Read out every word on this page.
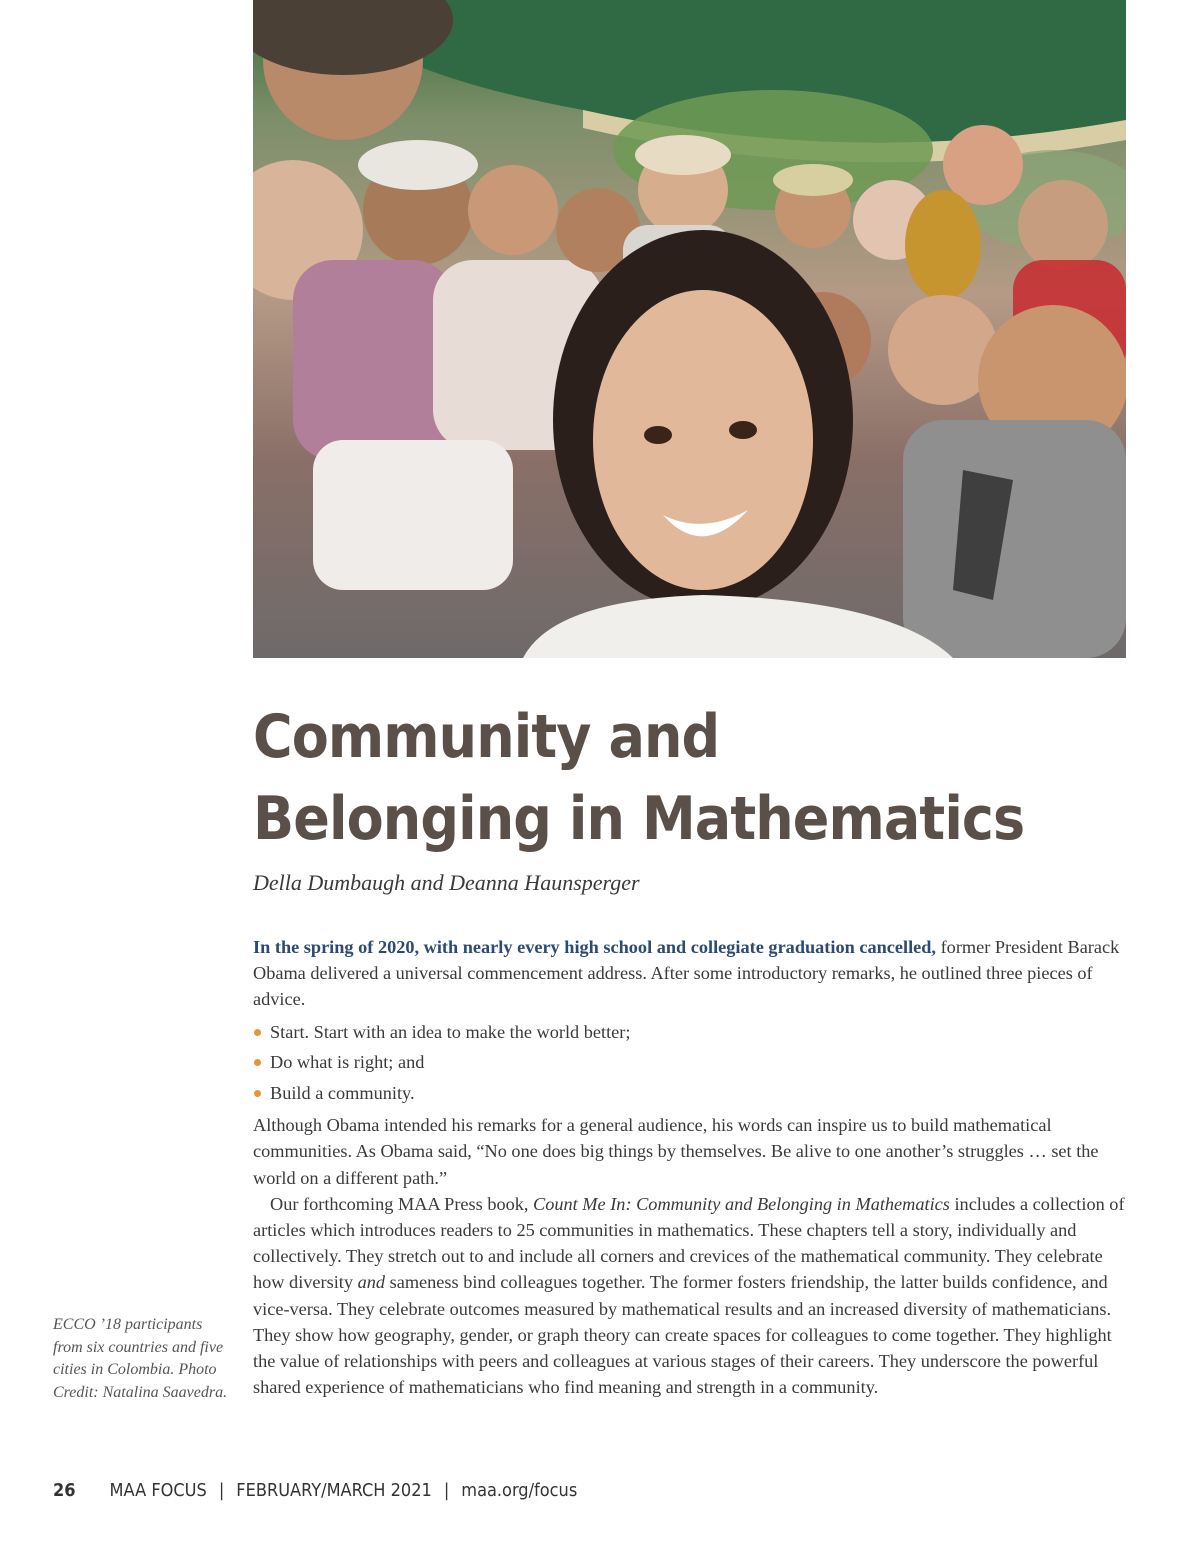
Community and Belonging in Mathematics

Della Dumbaugh and Deanna Haunsperger

In the spring of 2020, with nearly every high school and collegiate graduation cancelled, former President Barack Obama delivered a universal commencement address. After some introductory remarks, he outlined three pieces of advice.

Start. Start with an idea to make the world better;
Do what is right; and
Build a community.

Although Obama intended his remarks for a general audience, his words can inspire us to build mathematical communities. As Obama said, “No one does big things by themselves. Be alive to one another’s struggles … set the world on a different path.”

Our forthcoming MAA Press book, Count Me In: Community and Belonging in Mathematics includes a collection of articles which introduces readers to 25 communities in mathematics. These chapters tell a story, individually and collectively. They stretch out to and include all corners and crevices of the mathematical community. They celebrate how diversity and sameness bind colleagues together. The former fosters friendship, the latter builds confidence, and vice-versa. They celebrate outcomes measured by mathematical results and an increased diversity of mathematicians. They show how geography, gender, or graph theory can create spaces for colleagues to come together. They highlight the value of relationships with peers and colleagues at various stages of their careers. They underscore the powerful shared experience of mathematicians who find meaning and strength in a community.

ECCO ’18 participants from six countries and five cities in Colombia. Photo Credit: Natalina Saavedra.
26 MAA FOCUS | FEBRUARY/MARCH 2021 | maa.org/focus
